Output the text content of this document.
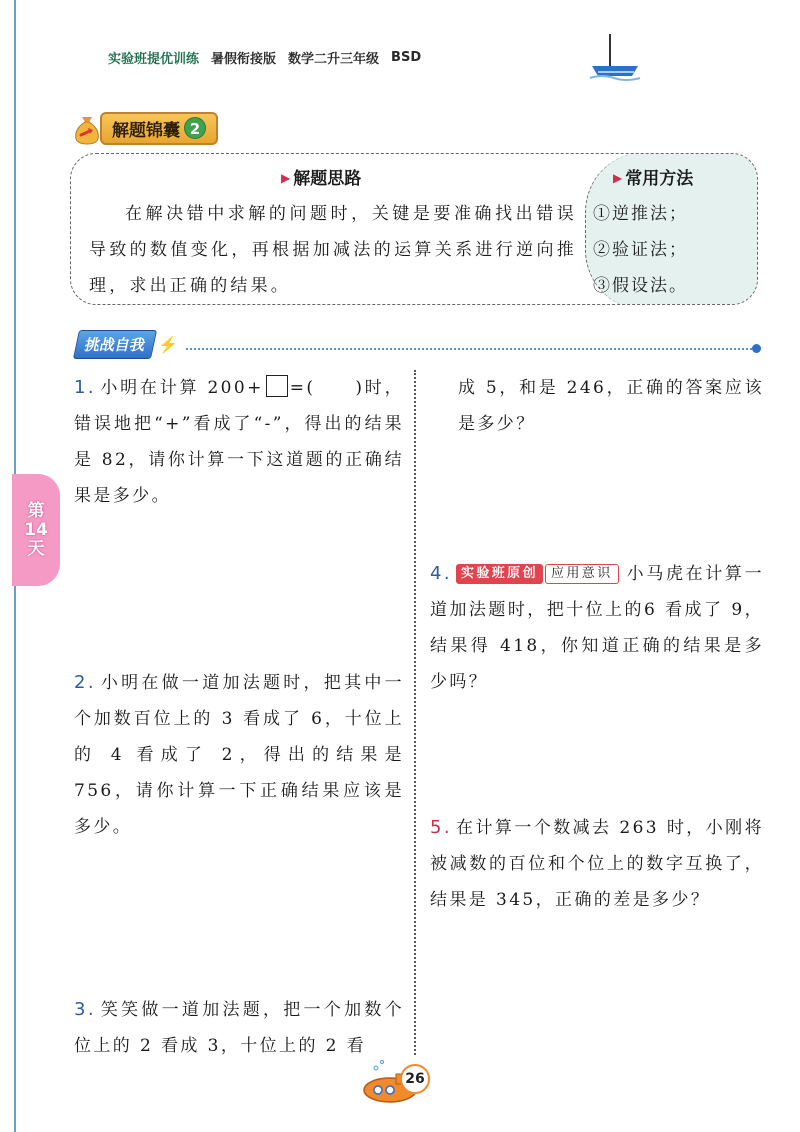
实验班提优训练 暑假衔接版 数学二升三年级 BSD
解题锦囊 2
▶ 解题思路
在解决错中求解的问题时，关键是要准确找出错误导致的数值变化，再根据加减法的运算关系进行逆向推理，求出正确的结果。
▶ 常用方法
①逆推法；
②验证法；
③假设法。
挑战自我 ⚡
第
14
天
1. 小明在计算 200+ =(　　)时，错误地把“+”看成了“-”，得出的结果是 82，请你计算一下这道题的正确结果是多少。
2. 小明在做一道加法题时，把其中一个加数百位上的 3 看成了 6，十位上的 4 看成了 2，得出的结果是 756，请你计算一下正确结果应该是多少。
3. 笑笑做一道加法题，把一个加数个位上的 2 看成 3，十位上的 2 看
成 5，和是 246，正确的答案应该是多少？
4. 实验班原创 应用意识 小马虎在计算一道加法题时，把十位上的6 看成了 9，结果得 418，你知道正确的结果是多少吗？
5. 在计算一个数减去 263 时，小刚将被减数的百位和个位上的数字互换了，结果是 345，正确的差是多少？
26
